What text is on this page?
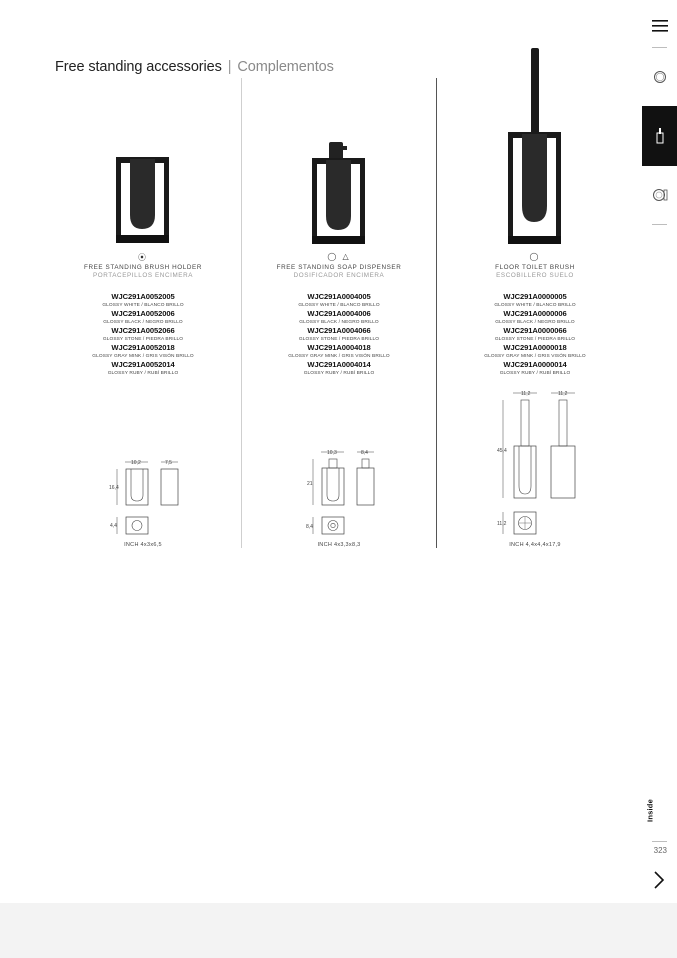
Free standing accessories | Complementos
⦿
FREE STANDING BRUSH HOLDER
PORTACEPILLOS ENCIMERA
WJC291A0052005
GLOSSY WHITE / BLANCO BRILLO
WJC291A0052006
GLOSSY BLACK / NEGRO BRILLO
WJC291A0052066
GLOSSY STONE / PIEDRA BRILLO
WJC291A0052018
GLOSSY GRAY MINK / GRIS VISÓN BRILLO
WJC291A0052014
GLOSSY RUBY / RUBÍ BRILLO
10,2	7,5
16,4
4,4
INCH 4x3x6,5
◯ △
FREE STANDING SOAP DISPENSER
DOSIFICADOR ENCIMERA
WJC291A0004005
GLOSSY WHITE / BLANCO BRILLO
WJC291A0004006
GLOSSY BLACK / NEGRO BRILLO
WJC291A0004066
GLOSSY STONE / PIEDRA BRILLO
WJC291A0004018
GLOSSY GRAY MINK / GRIS VISÓN BRILLO
WJC291A0004014
GLOSSY RUBY / RUBÍ BRILLO
10,3	8,4
21
8,4
INCH 4x3,3x8,3
◯
FLOOR TOILET BRUSH
ESCOBILLERO SUELO
WJC291A0000005
GLOSSY WHITE / BLANCO BRILLO
WJC291A0000006
GLOSSY BLACK / NEGRO BRILLO
WJC291A0000066
GLOSSY STONE / PIEDRA BRILLO
WJC291A0000018
GLOSSY GRAY MINK / GRIS VISÓN BRILLO
WJC291A0000014
GLOSSY RUBY / RUBÍ BRILLO
11,2	11,2
45,4
11,2
INCH 4,4x4,4x17,9
Inside
323
